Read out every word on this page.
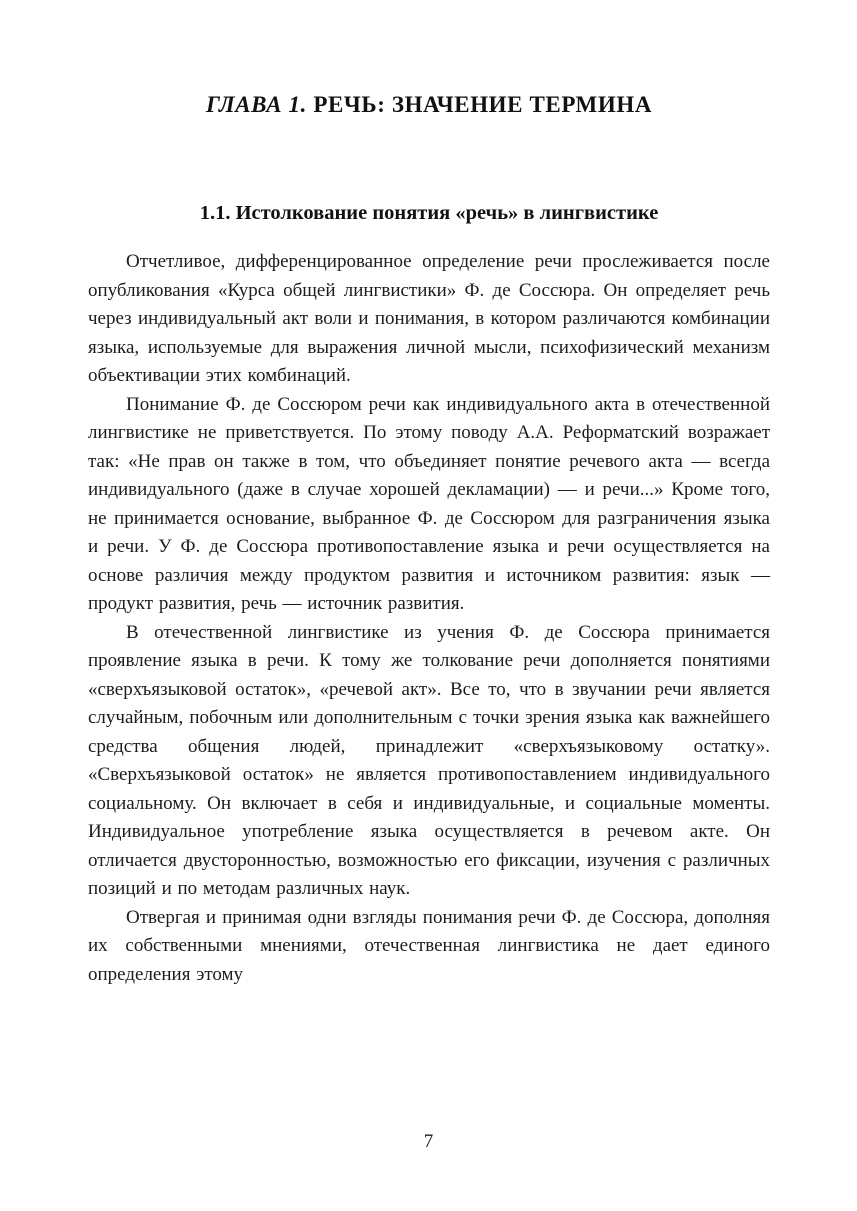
ГЛАВА 1. РЕЧЬ: ЗНАЧЕНИЕ ТЕРМИНА
1.1. Истолкование понятия «речь» в лингвистике

Отчетливое, дифференцированное определение речи прослеживается после опубликования «Курса общей лингвистики» Ф. де Соссюра. Он определяет речь через индивидуальный акт воли и понимания, в котором различаются комбинации языка, используемые для выражения личной мысли, психофизический механизм объективации этих комбинаций.

Понимание Ф. де Соссюром речи как индивидуального акта в отечественной лингвистике не приветствуется. По этому поводу А.А. Реформатский возражает так: «Не прав он также в том, что объединяет понятие речевого акта — всегда индивидуального (даже в случае хорошей декламации) — и речи...» Кроме того, не принимается основание, выбранное Ф. де Соссюром для разграничения языка и речи. У Ф. де Соссюра противопоставление языка и речи осуществляется на основе различия между продуктом развития и источником развития: язык — продукт развития, речь — источник развития.

В отечественной лингвистике из учения Ф. де Соссюра принимается проявление языка в речи. К тому же толкование речи дополняется понятиями «сверхъязыковой остаток», «речевой акт». Все то, что в звучании речи является случайным, побочным или дополнительным с точки зрения языка как важнейшего средства общения людей, принадлежит «сверхъязыковому остатку». «Сверхъязыковой остаток» не является противопоставлением индивидуального социальному. Он включает в себя и индивидуальные, и социальные моменты. Индивидуальное употребление языка осуществляется в речевом акте. Он отличается двусторонностью, возможностью его фиксации, изучения с различных позиций и по методам различных наук.

Отвергая и принимая одни взгляды понимания речи Ф. де Соссюра, дополняя их собственными мнениями, отечественная лингвистика не дает единого определения этому

7
